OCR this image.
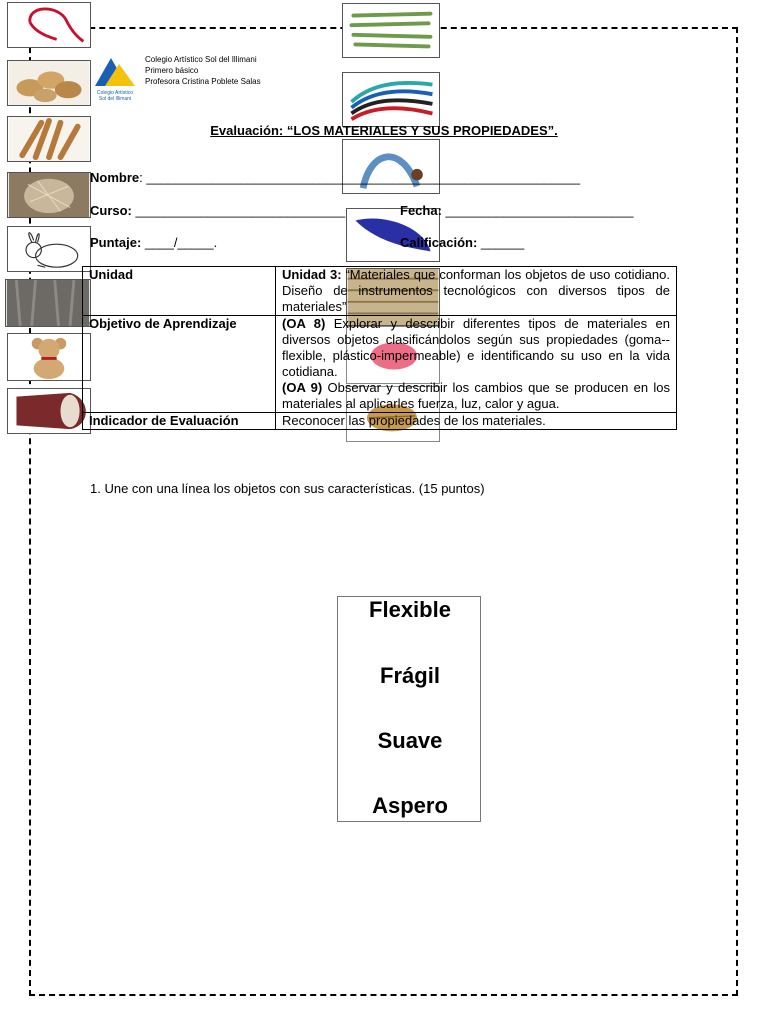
Colegio Artístico
Sol del Illimani
Colegio Artístico Sol del Illimani
Primero básico
Profesora Cristina Poblete Salas
Evaluación: “LOS MATERIALES Y SUS PROPIEDADES”.
Nombre: ____________________________________________________________
Curso: _____________________________	Fecha: __________________________
Puntaje: ____/_____.	Calificación: ______
Unidad	Unidad 3: “Materiales que conforman los objetos de uso cotidiano. Diseño de instrumentos tecnológicos con diversos tipos de materiales”
Objetivo de Aprendizaje	(OA 8) Explorar y describir diferentes tipos de materiales en diversos objetos clasificándolos según sus propiedades (goma-- flexible, plástico-impermeable) e identificando su uso en la vida cotidiana.
(OA 9) Observar y describir los cambios que se producen en los materiales al aplicarles fuerza, luz, calor y agua.
Indicador de Evaluación	Reconocer las propiedades de los materiales.
1. Une con una línea los objetos con sus características. (15 puntos)
Flexible
Frágil
Suave
Aspero
